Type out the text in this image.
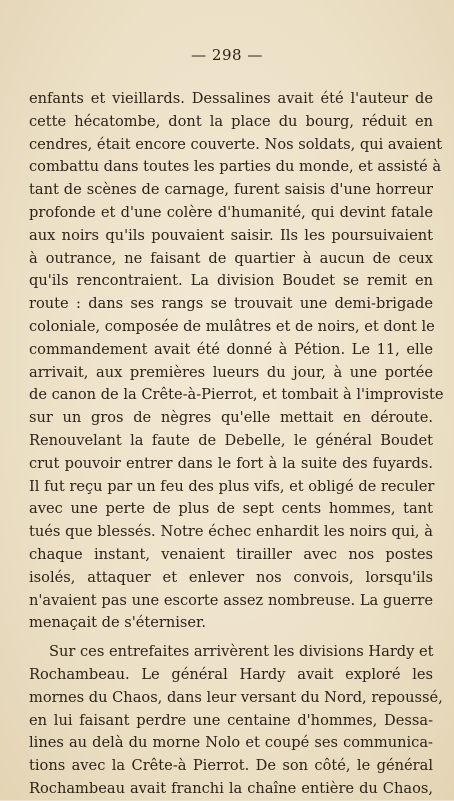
— 298 —
enfants et vieillards. Dessalines avait été l'auteur de
cette hécatombe, dont la place du bourg, réduit en
cendres, était encore couverte. Nos soldats, qui avaient
combattu dans toutes les parties du monde, et assisté à
tant de scènes de carnage, furent saisis d'une horreur
profonde et d'une colère d'humanité, qui devint fatale
aux noirs qu'ils pouvaient saisir. Ils les poursuivaient
à outrance, ne faisant de quartier à aucun de ceux
qu'ils rencontraient. La division Boudet se remit en
route : dans ses rangs se trouvait une demi-brigade
coloniale, composée de mulâtres et de noirs, et dont le
commandement avait été donné à Pétion. Le 11, elle
arrivait, aux premières lueurs du jour, à une portée
de canon de la Crête-à-Pierrot, et tombait à l'improviste
sur un gros de nègres qu'elle mettait en déroute.
Renouvelant la faute de Debelle, le général Boudet
crut pouvoir entrer dans le fort à la suite des fuyards.
Il fut reçu par un feu des plus vifs, et obligé de reculer
avec une perte de plus de sept cents hommes, tant
tués que blessés. Notre échec enhardit les noirs qui, à
chaque instant, venaient tirailler avec nos postes
isolés, attaquer et enlever nos convois, lorsqu'ils
n'avaient pas une escorte assez nombreuse. La guerre
menaçait de s'éterniser.
Sur ces entrefaites arrivèrent les divisions Hardy et
Rochambeau. Le général Hardy avait exploré les
mornes du Chaos, dans leur versant du Nord, repoussé,
en lui faisant perdre une centaine d'hommes, Dessa-
lines au delà du morne Nolo et coupé ses communica-
tions avec la Crête-à Pierrot. De son côté, le général
Rochambeau avait franchi la chaîne entière du Chaos,
